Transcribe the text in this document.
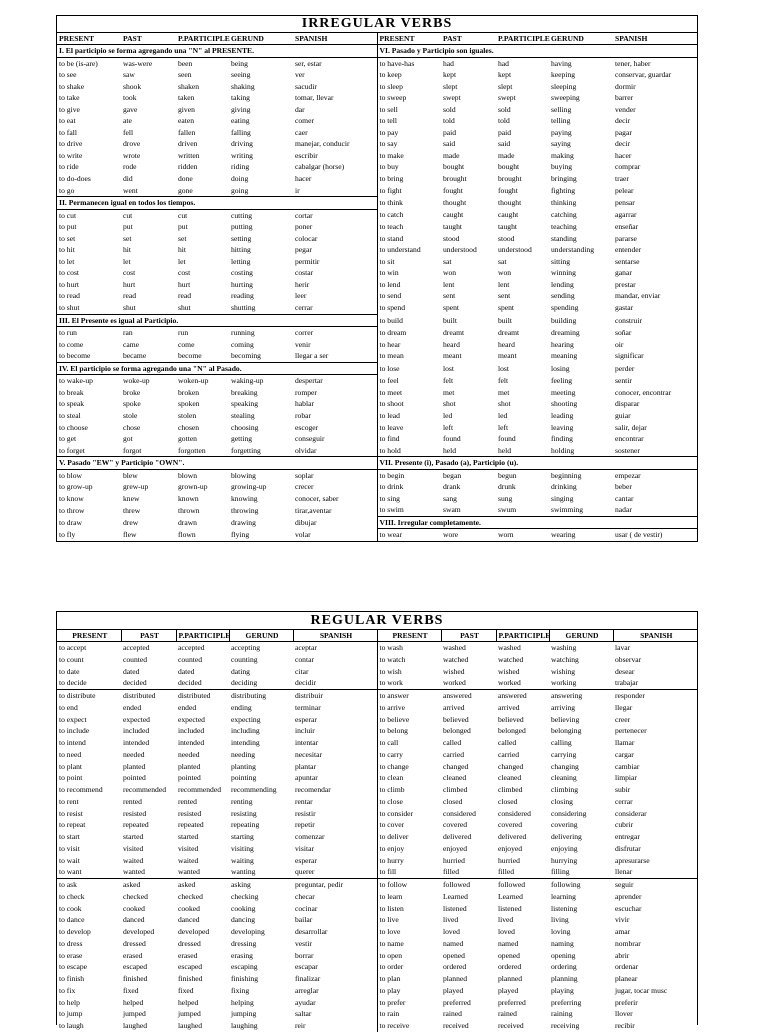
IRREGULAR VERBS
PRESENT	PAST	P.PARTICIPLE	GERUND	SPANISH	PRESENT	PAST	P.PARTICIPLE	GERUND	SPANISH
I. El participio se forma agregando una "N" al PRESENTE.					VI. Pasado y Participio son iguales.				
to be (is-are)	was-were	been	being	ser, estar	to have-has	had	had	having	tener, haber
to see	saw	seen	seeing	ver	to keep	kept	kept	keeping	conservar, guardar
to shake	shook	shaken	shaking	sacudir	to sleep	slept	slept	sleeping	dormir
to take	took	taken	taking	tomar, llevar	to sweep	swept	swept	sweeping	barrer
to give	gave	given	giving	dar	to sell	sold	sold	selling	vender
to eat	ate	eaten	eating	comer	to tell	told	told	telling	decir
to fall	fell	fallen	falling	caer	to pay	paid	paid	paying	pagar
to drive	drove	driven	driving	manejar, conducir	to say	said	said	saying	decir
to write	wrote	written	writing	escribir	to make	made	made	making	hacer
to ride	rode	ridden	riding	cabalgar (horse)	to buy	bought	bought	buying	comprar
to do-does	did	done	doing	hacer	to bring	brought	brought	bringing	traer
to go	went	gone	going	ir	to fight	fought	fought	fighting	pelear
II. Permanecen igual en todos los tiempos.					to think	thought	thought	thinking	pensar
to cut	cut	cut	cutting	cortar	to catch	caught	caught	catching	agarrar
to put	put	put	putting	poner	to teach	taught	taught	teaching	enseñar
to set	set	set	setting	colocar	to stand	stood	stood	standing	pararse
to hit	hit	hit	hitting	pegar	to understand	understood	understood	understanding	entender
to let	let	let	letting	permitir	to sit	sat	sat	sitting	sentarse
to cost	cost	cost	costing	costar	to win	won	won	winning	ganar
to hurt	hurt	hurt	hurting	herir	to lend	lent	lent	lending	prestar
to read	read	read	reading	leer	to send	sent	sent	sending	mandar, enviar
to shut	shut	shut	shutting	cerrar	to spend	spent	spent	spending	gastar
III. El Presente es igual al Participio.					to build	built	built	building	construir
to run	ran	run	running	correr	to dream	dreamt	dreamt	dreaming	soñar
to come	came	come	coming	venir	to hear	heard	heard	hearing	oir
to become	became	become	becoming	llegar a ser	to mean	meant	meant	meaning	significar
IV. El participio se forma agregando una "N" al Pasado.					to lose	lost	lost	losing	perder
to wake-up	woke-up	woken-up	waking-up	despertar	to feel	felt	felt	feeling	sentir
to break	broke	broken	breaking	romper	to meet	met	met	meeting	conocer, encontrar
to speak	spoke	spoken	speaking	hablar	to shoot	shot	shot	shooting	disparar
to steal	stole	stolen	stealing	robar	to lead	led	led	leading	guiar
to choose	chose	chosen	choosing	escoger	to leave	left	left	leaving	salir, dejar
to get	got	gotten	getting	conseguir	to find	found	found	finding	encontrar
to forget	forgot	forgotten	forgetting	olvidar	to hold	held	held	holding	sostener
V. Pasado "EW" y Participio "OWN".					VII. Presente (i), Pasado (a), Participio (u).				
to blow	blew	blown	blowing	soplar	to begin	began	begun	beginning	empezar
to grow-up	grew-up	grown-up	growing-up	crecer	to drink	drank	drunk	drinking	beber
to know	knew	known	knowing	conocer, saber	to sing	sang	sung	singing	cantar
to throw	threw	thrown	throwing	tirar,aventar	to swim	swam	swum	swimming	nadar
to draw	drew	drawn	drawing	dibujar	VIII. Irregular completamente.				
to fly	flew	flown	flying	volar	to wear	wore	worn	wearing	usar ( de vestir)
REGULAR VERBS
PRESENT	PAST	P.PARTICIPLE	GERUND	SPANISH	PRESENT	PAST	P.PARTICIPLE	GERUND	SPANISH
to accept	accepted	accepted	accepting	aceptar	to wash	washed	washed	washing	lavar
to count	counted	counted	counting	contar	to watch	watched	watched	watching	observar
to date	dated	dated	dating	citar	to wish	wished	wished	wishing	desear
to decide	decided	decided	deciding	decidir	to work	worked	worked	working	trabajar
to distribute	distributed	distributed	distributing	distribuir	to answer	answered	answered	answering	responder
to end	ended	ended	ending	terminar	to arrive	arrived	arrived	arriving	llegar
to expect	expected	expected	expecting	esperar	to believe	believed	believed	believing	creer
to include	included	included	including	incluir	to belong	belonged	belonged	belonging	pertenecer
to intend	intended	intended	intending	intentar	to call	called	called	calling	llamar
to need	needed	needed	needing	necesitar	to carry	carried	carried	carrying	cargar
to plant	planted	planted	planting	plantar	to change	changed	changed	changing	cambiar
to point	pointed	pointed	pointing	apuntar	to clean	cleaned	cleaned	cleaning	limpiar
to recommend	recommended	recommended	recommending	recomendar	to climb	climbed	climbed	climbing	subir
to rent	rented	rented	renting	rentar	to close	closed	closed	closing	cerrar
to resist	resisted	resisted	resisting	resistir	to consider	considered	considered	considering	considerar
to repeat	repeated	repeated	repeating	repetir	to cover	covered	covered	covering	cubrir
to start	started	started	starting	comenzar	to deliver	delivered	delivered	delivering	entregar
to visit	visited	visited	visiting	visitar	to enjoy	enjoyed	enjoyed	enjoying	disfrutar
to wait	waited	waited	waiting	esperar	to hurry	hurried	hurried	hurrying	apresurarse
to want	wanted	wanted	wanting	querer	to fill	filled	filled	filling	llenar
to ask	asked	asked	asking	preguntar, pedir	to follow	followed	followed	following	seguir
to check	checked	checked	checking	checar	to learn	Learned	Learned	learning	aprender
to cook	cooked	cooked	cooking	cocinar	to listen	listened	listened	listening	escuchar
to dance	danced	danced	dancing	bailar	to live	lived	lived	living	vivir
to develop	developed	developed	developing	desarrollar	to love	loved	loved	loving	amar
to dress	dressed	dressed	dressing	vestir	to name	named	named	naming	nombrar
to erase	erased	erased	erasing	borrar	to open	opened	opened	opening	abrir
to escape	escaped	escaped	escaping	escapar	to order	ordered	ordered	ordering	ordenar
to finish	finished	finished	finishing	finalizar	to plan	planned	planned	planning	planear
to fix	fixed	fixed	fixing	arreglar	to play	played	played	playing	jugar, tocar musc
to help	helped	helped	helping	ayudar	to prefer	preferred	preferred	preferring	preferir
to jump	jumped	jumped	jumping	saltar	to rain	rained	rained	raining	llover
to laugh	laughed	laughed	laughing	reir	to receive	received	received	receiving	recibir
